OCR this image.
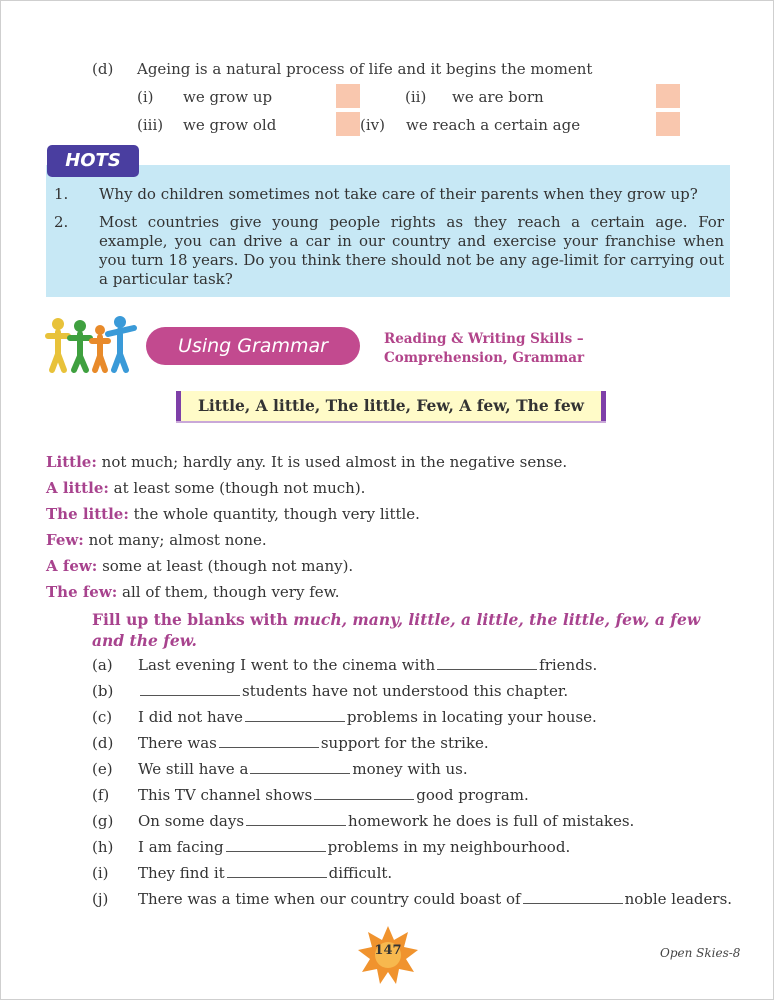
(d) Ageing is a natural process of life and it begins the moment
(i) we grow up	(ii) we are born
(iii) we grow old	(iv) we reach a certain age
HOTS
1. Why do children sometimes not take care of their parents when they grow up?
2. Most countries give young people rights as they reach a certain age. For example, you can drive a car in our country and exercise your franchise when you turn 18 years. Do you think there should not be any age-limit for carrying out a particular task?
Using Grammar	Reading & Writing Skills –
Comprehension, Grammar
Little, A little, The little, Few, A few, The few
Little: not much; hardly any. It is used almost in the negative sense.
A little: at least some (though not much).
The little: the whole quantity, though very little.
Few: not many; almost none.
A few: some at least (though not many).
The few: all of them, though very few.
Fill up the blanks with much, many, little, a little, the little, few, a few and the few.
(a) Last evening I went to the cinema with	friends.
(b)	students have not understood this chapter.
(c) I did not have	problems in locating your house.
(d) There was	support for the strike.
(e) We still have a	money with us.
(f) This TV channel shows	good program.
(g) On some days	homework he does is full of mistakes.
(h) I am facing	problems in my neighbourhood.
(i) They find it	difficult.
(j) There was a time when our country could boast of	noble leaders.
147	Open Skies-8
